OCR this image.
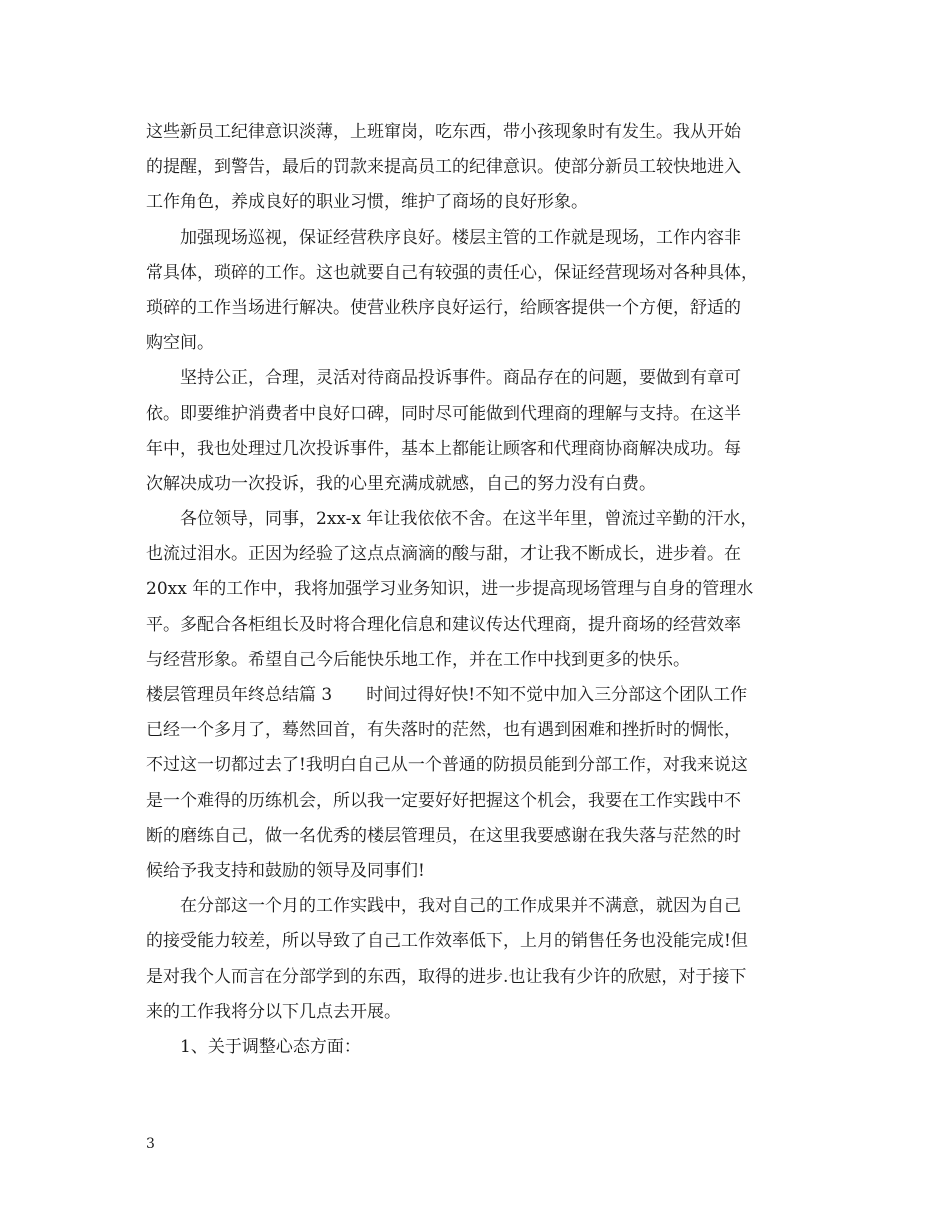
这些新员工纪律意识淡薄，上班窜岗，吃东西，带小孩现象时有发生。我从开始
的提醒，到警告，最后的罚款来提高员工的纪律意识。使部分新员工较快地进入
工作角色，养成良好的职业习惯，维护了商场的良好形象。
加强现场巡视，保证经营秩序良好。楼层主管的工作就是现场，工作内容非
常具体，琐碎的工作。这也就要自己有较强的责任心，保证经营现场对各种具体，
琐碎的工作当场进行解决。使营业秩序良好运行，给顾客提供一个方便，舒适的
购空间。
坚持公正，合理，灵活对待商品投诉事件。商品存在的问题，要做到有章可
依。即要维护消费者中良好口碑，同时尽可能做到代理商的理解与支持。在这半
年中，我也处理过几次投诉事件，基本上都能让顾客和代理商协商解决成功。每
次解决成功一次投诉，我的心里充满成就感，自己的努力没有白费。
各位领导，同事，2xx-x 年让我依依不舍。在这半年里，曾流过辛勤的汗水，
也流过泪水。正因为经验了这点点滴滴的酸与甜，才让我不断成长，进步着。在
20xx 年的工作中，我将加强学习业务知识，进一步提高现场管理与自身的管理水
平。多配合各柜组长及时将合理化信息和建议传达代理商，提升商场的经营效率
与经营形象。希望自己今后能快乐地工作，并在工作中找到更多的快乐。
楼层管理员年终总结篇 3 时间过得好快!不知不觉中加入三分部这个团队工作
已经一个多月了，蓦然回首，有失落时的茫然，也有遇到困难和挫折时的惆怅，
不过这一切都过去了!我明白自己从一个普通的防损员能到分部工作，对我来说这
是一个难得的历练机会，所以我一定要好好把握这个机会，我要在工作实践中不
断的磨练自己，做一名优秀的楼层管理员，在这里我要感谢在我失落与茫然的时
候给予我支持和鼓励的领导及同事们!
在分部这一个月的工作实践中，我对自己的工作成果并不满意，就因为自己
的接受能力较差，所以导致了自己工作效率低下，上月的销售任务也没能完成!但
是对我个人而言在分部学到的东西，取得的进步.也让我有少许的欣慰，对于接下
来的工作我将分以下几点去开展。
1、关于调整心态方面：
3
